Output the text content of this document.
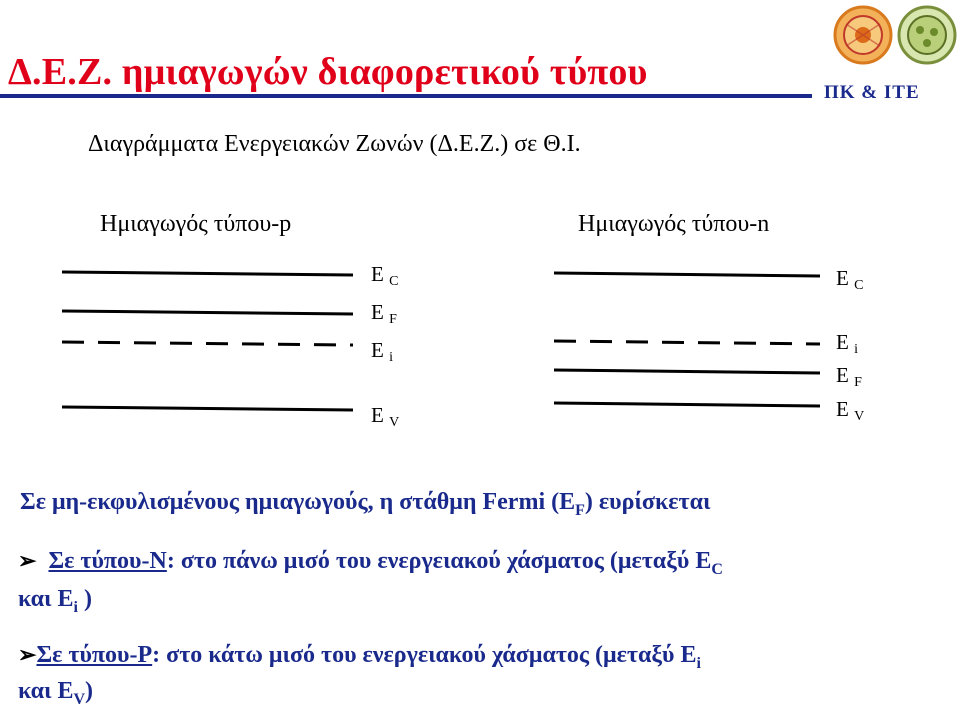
Δ.Ε.Ζ. ημιαγωγών διαφορετικού τύπου	ΠΚ & ΙΤΕ
Διαγράμματα Ενεργειακών Ζωνών (Δ.Ε.Ζ.) σε Θ.Ι.
Ημιαγωγός τύπου-p	Ημιαγωγός τύπου-n
E $_C$
E $_F$
E $_i$
E $_V$
E $_C$
E $_i$
E $_F$
E $_V$
Σε μη-εκφυλισμένους ημιαγωγούς, η στάθμη Fermi $(E_F)$ ευρίσκεται
➢ Σε τύπου-N: στο πάνω μισό του ενεργειακού χάσματος (μεταξύ $E_C$
και $E_i$ )
➢Σε τύπου-P: στο κάτω μισό του ενεργειακού χάσματος (μεταξύ $E_i$
και $E_V$)
